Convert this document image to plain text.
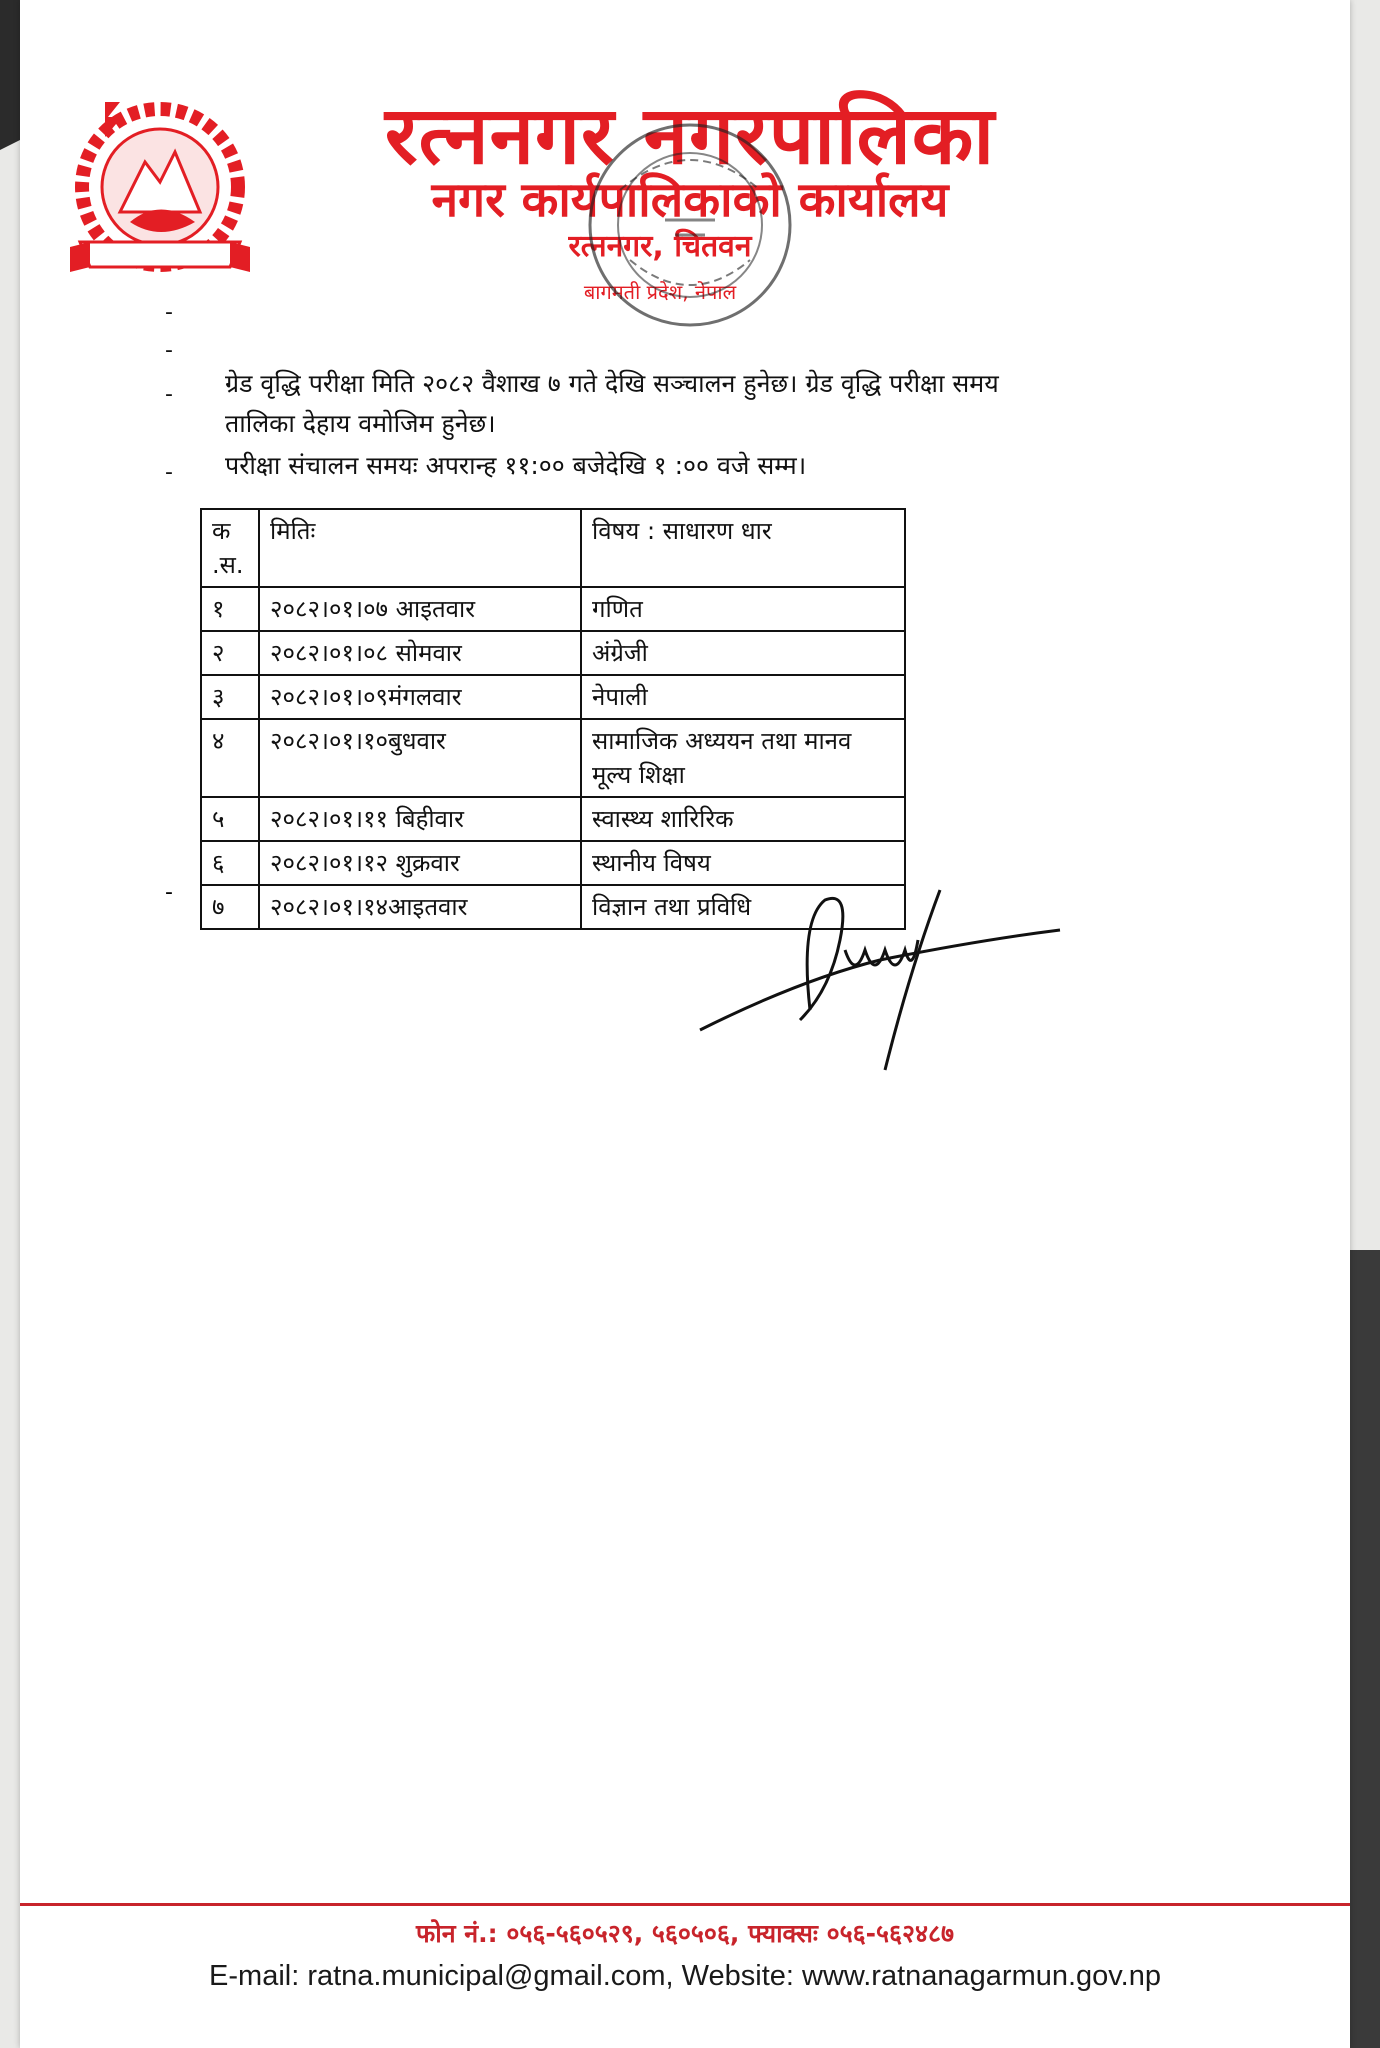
रत्ननगर नगरपालिका
नगर कार्यपालिकाको कार्यालय
रत्ननगर, चितवन
बागमती प्रदेश, नेपाल
-
-
- ग्रेड वृद्धि परीक्षा मिति २०८२ वैशाख ७ गते देखि सञ्चालन हुनेछ। ग्रेड वृद्धि परीक्षा समय
तालिका देहाय वमोजिम हुनेछ।
- परीक्षा संचालन समयः अपरान्ह ११:०० बजेदेखि १ :०० वजे सम्म।
क .स.	मितिः	विषय : साधारण धार
१	२०८२।०१।०७ आइतवार	गणित
२	२०८२।०१।०८ सोमवार	अंग्रेजी
३	२०८२।०१।०९मंगलवार	नेपाली
४	२०८२।०१।१०बुधवार	सामाजिक अध्ययन तथा मानव मूल्य शिक्षा
५	२०८२।०१।११ बिहीवार	स्वास्थ्य शारिरिक
६	२०८२।०१।१२ शुक्रवार	स्थानीय विषय
७	२०८२।०१।१४आइतवार	विज्ञान तथा प्रविधि
-
फोन नं.: ०५६-५६०५२९, ५६०५०६, फ्याक्सः ०५६-५६२४८७
E-mail: ratna.municipal@gmail.com, Website: www.ratnanagarmun.gov.np
